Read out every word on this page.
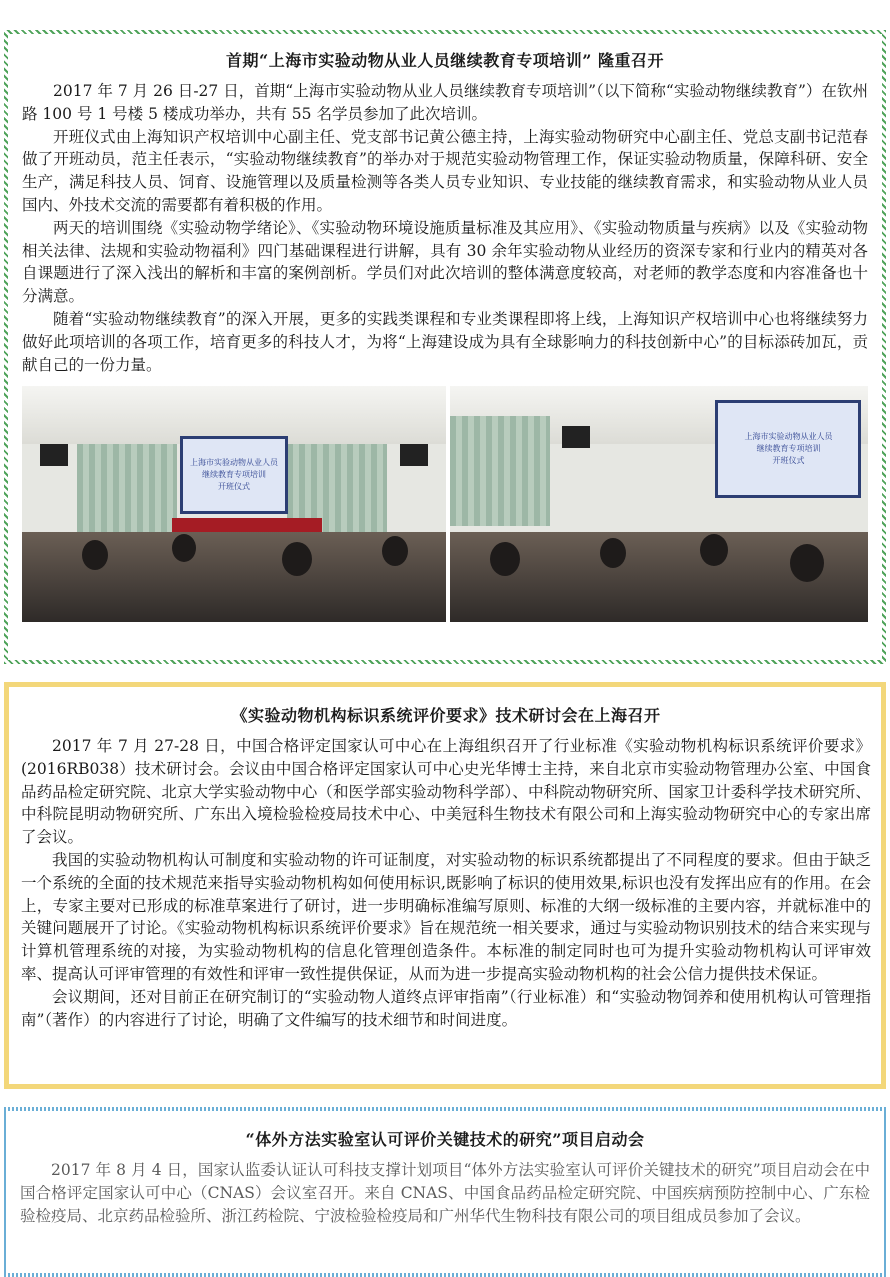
首期“上海市实验动物从业人员继续教育专项培训” 隆重召开

2017 年 7 月 26 日-27 日，首期“上海市实验动物从业人员继续教育专项培训”（以下简称“实验动物继续教育”）在钦州路 100 号 1 号楼 5 楼成功举办，共有 55 名学员参加了此次培训。

开班仪式由上海知识产权培训中心副主任、党支部书记黄公德主持，上海实验动物研究中心副主任、党总支副书记范春做了开班动员，范主任表示，“实验动物继续教育”的举办对于规范实验动物管理工作，保证实验动物质量，保障科研、安全生产，满足科技人员、饲育、设施管理以及质量检测等各类人员专业知识、专业技能的继续教育需求，和实验动物从业人员国内、外技术交流的需要都有着积极的作用。

两天的培训围绕《实验动物学绪论》、《实验动物环境设施质量标准及其应用》、《实验动物质量与疾病》以及《实验动物相关法律、法规和实验动物福利》四门基础课程进行讲解，具有 30 余年实验动物从业经历的资深专家和行业内的精英对各自课题进行了深入浅出的解析和丰富的案例剖析。学员们对此次培训的整体满意度较高，对老师的教学态度和内容准备也十分满意。

随着“实验动物继续教育”的深入开展，更多的实践类课程和专业类课程即将上线，上海知识产权培训中心也将继续努力做好此项培训的各项工作，培育更多的科技人才，为将“上海建设成为具有全球影响力的科技创新中心”的目标添砖加瓦，贡献自己的一份力量。

上海市实验动物从业人员
继续教育专项培训
开班仪式
上海市实验动物从业人员
继续教育专项培训
开班仪式
《实验动物机构标识系统评价要求》技术研讨会在上海召开

2017 年 7 月 27-28 日，中国合格评定国家认可中心在上海组织召开了行业标准《实验动物机构标识系统评价要求》(2016RB038）技术研讨会。会议由中国合格评定国家认可中心史光华博士主持，来自北京市实验动物管理办公室、中国食品药品检定研究院、北京大学实验动物中心（和医学部实验动物科学部）、中科院动物研究所、国家卫计委科学技术研究所、中科院昆明动物研究所、广东出入境检验检疫局技术中心、中美冠科生物技术有限公司和上海实验动物研究中心的专家出席了会议。

我国的实验动物机构认可制度和实验动物的许可证制度，对实验动物的标识系统都提出了不同程度的要求。但由于缺乏一个系统的全面的技术规范来指导实验动物机构如何使用标识,既影响了标识的使用效果,标识也没有发挥出应有的作用。在会上，专家主要对已形成的标准草案进行了研讨，进一步明确标准编写原则、标准的大纲一级标准的主要内容，并就标准中的关键问题展开了讨论。《实验动物机构标识系统评价要求》旨在规范统一相关要求，通过与实验动物识别技术的结合来实现与计算机管理系统的对接，为实验动物机构的信息化管理创造条件。本标准的制定同时也可为提升实验动物机构认可评审效率、提高认可评审管理的有效性和评审一致性提供保证，从而为进一步提高实验动物机构的社会公信力提供技术保证。

会议期间，还对目前正在研究制订的“实验动物人道终点评审指南”（行业标准）和“实验动物饲养和使用机构认可管理指南”（著作）的内容进行了讨论，明确了文件编写的技术细节和时间进度。

“体外方法实验室认可评价关键技术的研究”项目启动会

2017 年 8 月 4 日，国家认监委认证认可科技支撑计划项目“体外方法实验室认可评价关键技术的研究”项目启动会在中国合格评定国家认可中心（CNAS）会议室召开。来自 CNAS、中国食品药品检定研究院、中国疾病预防控制中心、广东检验检疫局、北京药品检验所、浙江药检院、宁波检验检疫局和广州华代生物科技有限公司的项目组成员参加了会议。
